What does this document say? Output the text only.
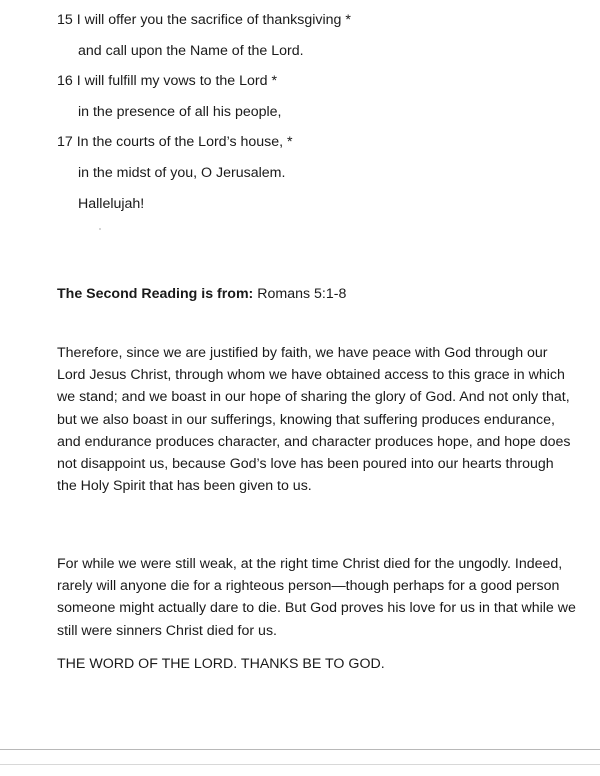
15 I will offer you the sacrifice of thanksgiving *
and call upon the Name of the Lord.
16 I will fulfill my vows to the Lord *
in the presence of all his people,
17 In the courts of the Lord’s house, *
in the midst of you, O Jerusalem.
Hallelujah!
The Second Reading is from: Romans 5:1-8

Therefore, since we are justified by faith, we have peace with God through our Lord Jesus Christ, through whom we have obtained access to this grace in which we stand; and we boast in our hope of sharing the glory of God. And not only that, but we also boast in our sufferings, knowing that suffering produces endurance, and endurance produces character, and character produces hope, and hope does not disappoint us, because God’s love has been poured into our hearts through the Holy Spirit that has been given to us.

For while we were still weak, at the right time Christ died for the ungodly. Indeed, rarely will anyone die for a righteous person—though perhaps for a good person someone might actually dare to die. But God proves his love for us in that while we still were sinners Christ died for us.

THE WORD OF THE LORD. THANKS BE TO GOD.
